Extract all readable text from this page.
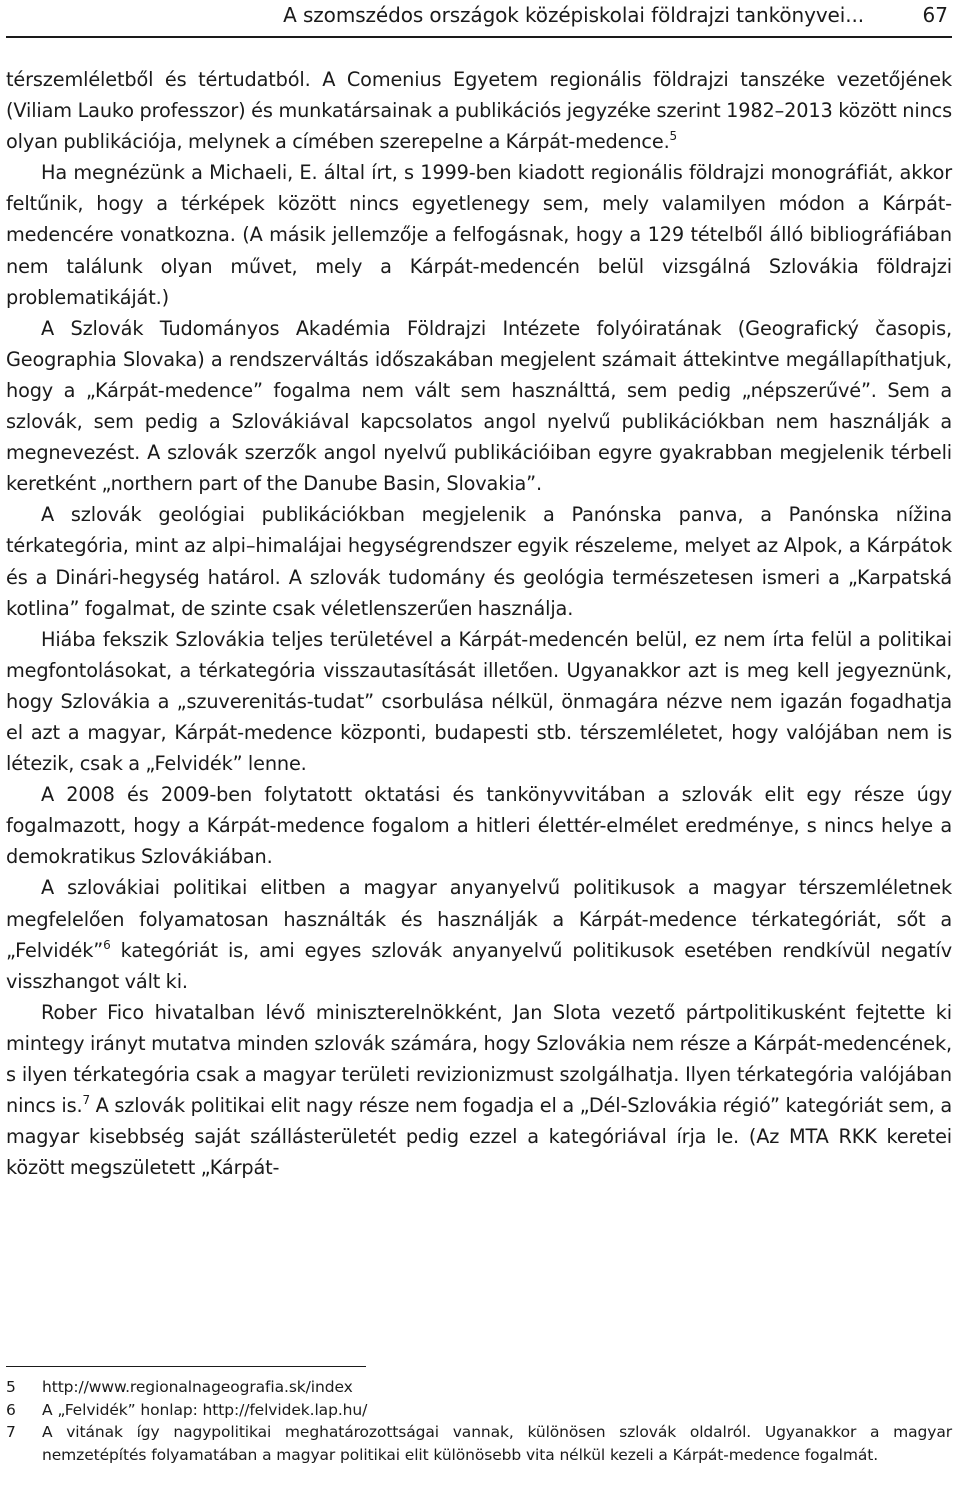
A szomszédos országok középiskolai földrajzi tankönyvei...	67

térszemléletből és tértudatból. A Comenius Egyetem regionális földrajzi tanszéke vezetőjének (Viliam Lauko professzor) és munkatársainak a publikációs jegyzéke szerint 1982–2013 között nincs olyan publikációja, melynek a címében szerepelne a Kárpát-medence.$^5$

Ha megnézünk a Michaeli, E. által írt, s 1999-ben kiadott regionális földrajzi monográfiát, akkor feltűnik, hogy a térképek között nincs egyetlenegy sem, mely valamilyen módon a Kárpát-medencére vonatkozna. (A másik jellemzője a felfogásnak, hogy a 129 tételből álló bibliográfiában nem találunk olyan művet, mely a Kárpát-medencén belül vizsgálná Szlovákia földrajzi problematikáját.)

A Szlovák Tudományos Akadémia Földrajzi Intézete folyóiratának (Geografický časopis, Geographia Slovaka) a rendszerváltás időszakában megjelent számait áttekintve megállapíthatjuk, hogy a „Kárpát-medence” fogalma nem vált sem használttá, sem pedig „népszerűvé”. Sem a szlovák, sem pedig a Szlovákiával kapcsolatos angol nyelvű publikációkban nem használják a megnevezést. A szlovák szerzők angol nyelvű publikációiban egyre gyakrabban megjelenik térbeli keretként „northern part of the Danube Basin, Slovakia”.

A szlovák geológiai publikációkban megjelenik a Panónska panva, a Panónska nížina térkategória, mint az alpi–himalájai hegységrendszer egyik részeleme, melyet az Alpok, a Kárpátok és a Dinári-hegység határol. A szlovák tudomány és geológia természetesen ismeri a „Karpatská kotlina” fogalmat, de szinte csak véletlenszerűen használja.

Hiába fekszik Szlovákia teljes területével a Kárpát-medencén belül, ez nem írta felül a politikai megfontolásokat, a térkategória visszautasítását illetően. Ugyanakkor azt is meg kell jegyeznünk, hogy Szlovákia a „szuverenitás-tudat” csorbulása nélkül, önmagára nézve nem igazán fogadhatja el azt a magyar, Kárpát-medence központi, budapesti stb. térszemléletet, hogy valójában nem is létezik, csak a „Felvidék” lenne.

A 2008 és 2009-ben folytatott oktatási és tankönyvvitában a szlovák elit egy része úgy fogalmazott, hogy a Kárpát-medence fogalom a hitleri élettér-elmélet eredménye, s nincs helye a demokratikus Szlovákiában.

A szlovákiai politikai elitben a magyar anyanyelvű politikusok a magyar térszemléletnek megfelelően folyamatosan használták és használják a Kárpát-medence térkategóriát, sőt a „Felvidék”$^6$ kategóriát is, ami egyes szlovák anyanyelvű politikusok esetében rendkívül negatív visszhangot vált ki.

Rober Fico hivatalban lévő miniszterelnökként, Jan Slota vezető pártpolitikusként fejtette ki mintegy irányt mutatva minden szlovák számára, hogy Szlovákia nem része a Kárpát-medencének, s ilyen térkategória csak a magyar területi revizionizmust szolgálhatja. Ilyen térkategória valójában nincs is.$^7$ A szlovák politikai elit nagy része nem fogadja el a „Dél-Szlovákia régió” kategóriát sem, a magyar kisebbség saját szállásterületét pedig ezzel a kategóriával írja le. (Az MTA RKK keretei között megszületett „Kárpát-

5	http://www.regionalnageografia.sk/index
6	A „Felvidék” honlap: http://felvidek.lap.hu/
7	A vitának így nagypolitikai meghatározottságai vannak, különösen szlovák oldalról. Ugyanakkor a magyar nemzetépítés folyamatában a magyar politikai elit különösebb vita nélkül kezeli a Kárpát-medence fogalmát.
